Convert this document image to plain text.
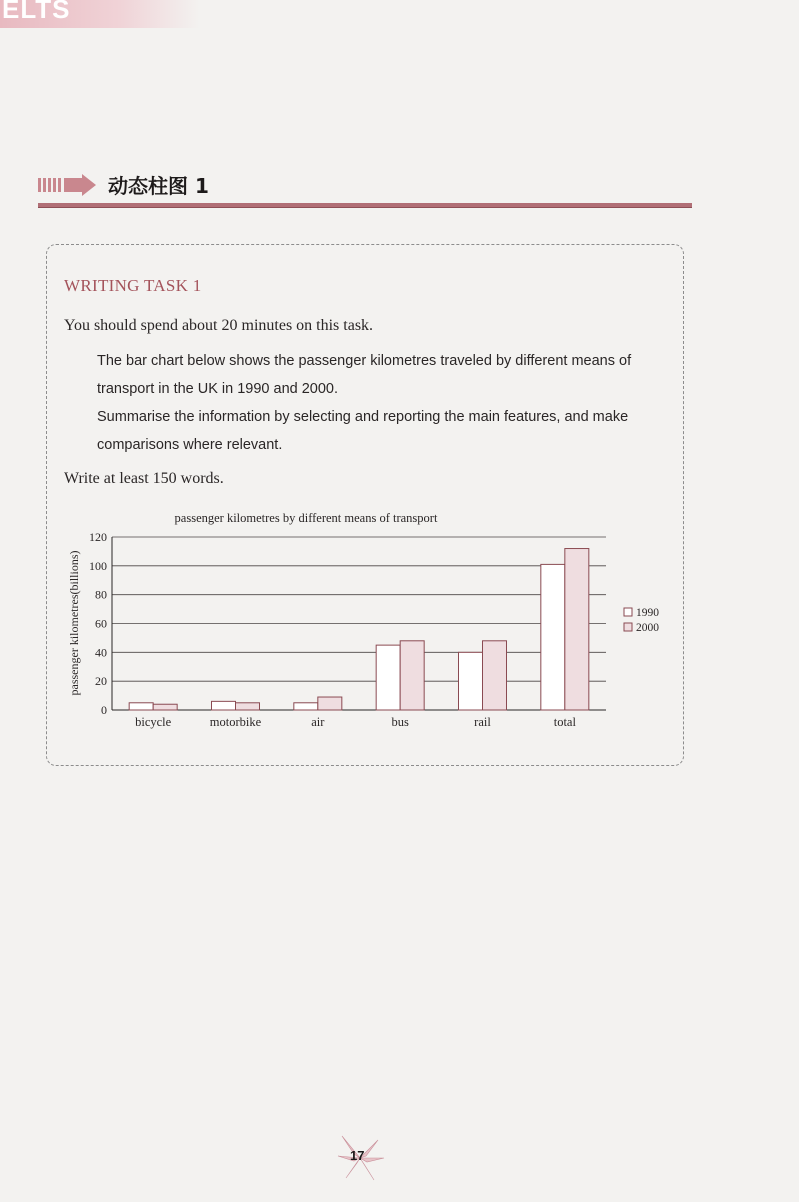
ELTS
动态柱图 1
WRITING TASK 1
You should spend about 20 minutes on this task.

The bar chart below shows the passenger kilometres traveled by different means of

transport in the UK in 1990 and 2000.

Summarise the information by selecting and reporting the main features, and make

comparisons where relevant.

Write at least 150 words.
passenger kilometres by different means of transport
passenger kilometres(billions)
0
20
40
60
80
100
120
bicycle	motorbike	air	bus	rail	total
1990
2000
17
